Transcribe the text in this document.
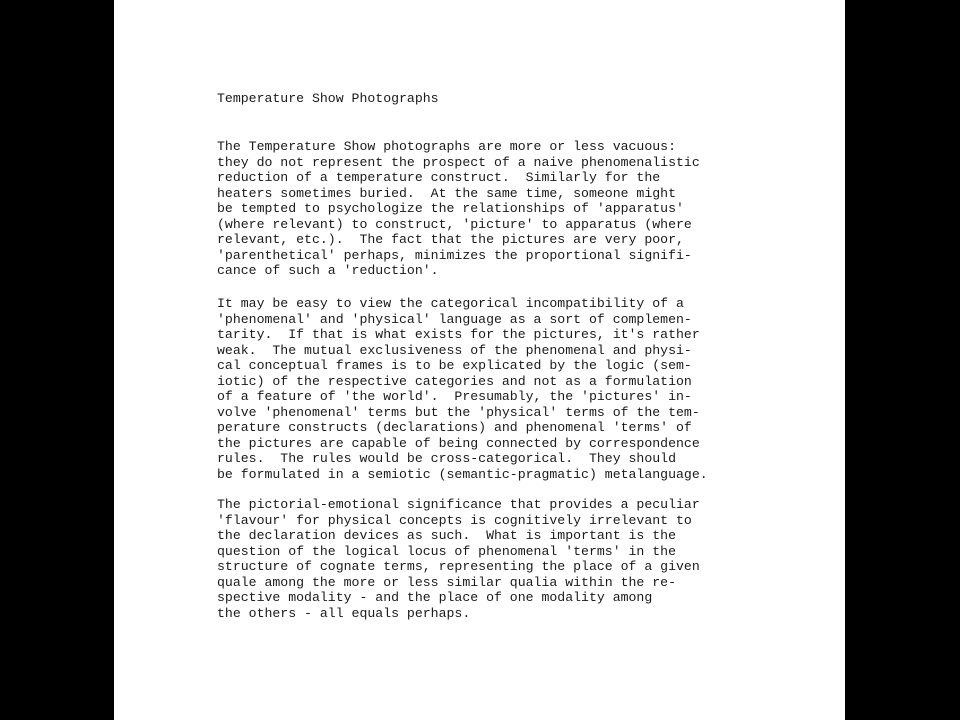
Temperature Show Photographs
The Temperature Show photographs are more or less vacuous:
they do not represent the prospect of a naive phenomenalistic
reduction of a temperature construct.  Similarly for the
heaters sometimes buried.  At the same time, someone might
be tempted to psychologize the relationships of 'apparatus'
(where relevant) to construct, 'picture' to apparatus (where
relevant, etc.).  The fact that the pictures are very poor,
'parenthetical' perhaps, minimizes the proportional signifi-
cance of such a 'reduction'.
It may be easy to view the categorical incompatibility of a
'phenomenal' and 'physical' language as a sort of complemen-
tarity.  If that is what exists for the pictures, it's rather
weak.  The mutual exclusiveness of the phenomenal and physi-
cal conceptual frames is to be explicated by the logic (sem-
iotic) of the respective categories and not as a formulation
of a feature of 'the world'.  Presumably, the 'pictures' in-
volve 'phenomenal' terms but the 'physical' terms of the tem-
perature constructs (declarations) and phenomenal 'terms' of
the pictures are capable of being connected by correspondence
rules.  The rules would be cross-categorical.  They should
be formulated in a semiotic (semantic-pragmatic) metalanguage.
The pictorial-emotional significance that provides a peculiar
'flavour' for physical concepts is cognitively irrelevant to
the declaration devices as such.  What is important is the
question of the logical locus of phenomenal 'terms' in the
structure of cognate terms, representing the place of a given
quale among the more or less similar qualia within the re-
spective modality - and the place of one modality among
the others - all equals perhaps.
